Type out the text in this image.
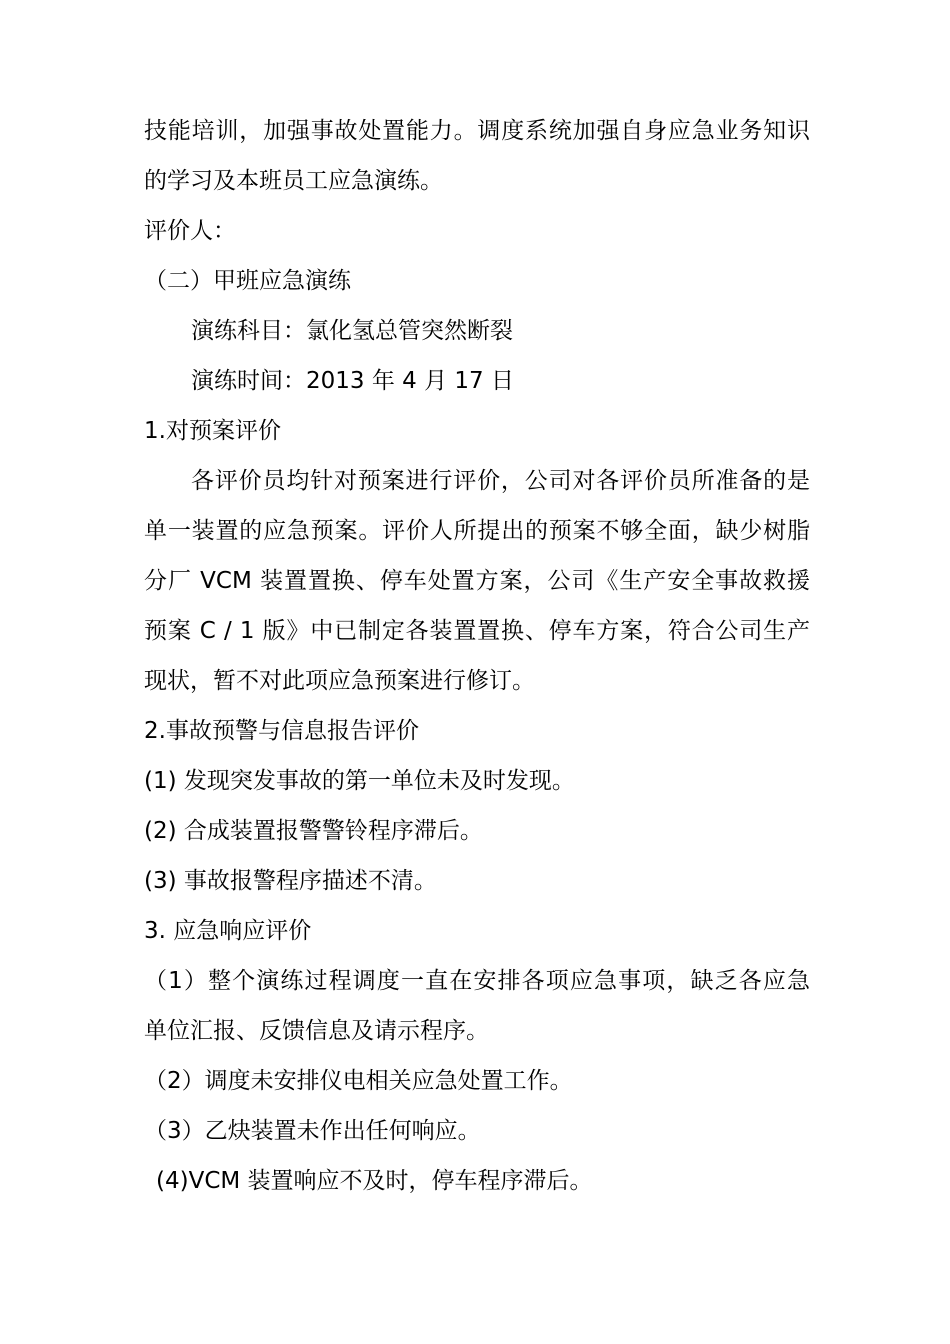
技能培训，加强事故处置能力。调度系统加强自身应急业务知识
的学习及本班员工应急演练。
评价人：
（二）甲班应急演练
演练科目：氯化氢总管突然断裂
演练时间：2013 年 4 月 17 日
1.对预案评价
各评价员均针对预案进行评价，公司对各评价员所准备的是
单一装置的应急预案。评价人所提出的预案不够全面，缺少树脂
分厂 VCM 装置置换、停车处置方案，公司《生产安全事故救援
预案 C / 1 版》中已制定各装置置换、停车方案，符合公司生产
现状，暂不对此项应急预案进行修订。
2.事故预警与信息报告评价
(1) 发现突发事故的第一单位未及时发现。
(2) 合成装置报警警铃程序滞后。
(3) 事故报警程序描述不清。
3. 应急响应评价
（1）整个演练过程调度一直在安排各项应急事项，缺乏各应急
单位汇报、反馈信息及请示程序。
（2）调度未安排仪电相关应急处置工作。
（3）乙炔装置未作出任何响应。
(4)VCM 装置响应不及时，停车程序滞后。
